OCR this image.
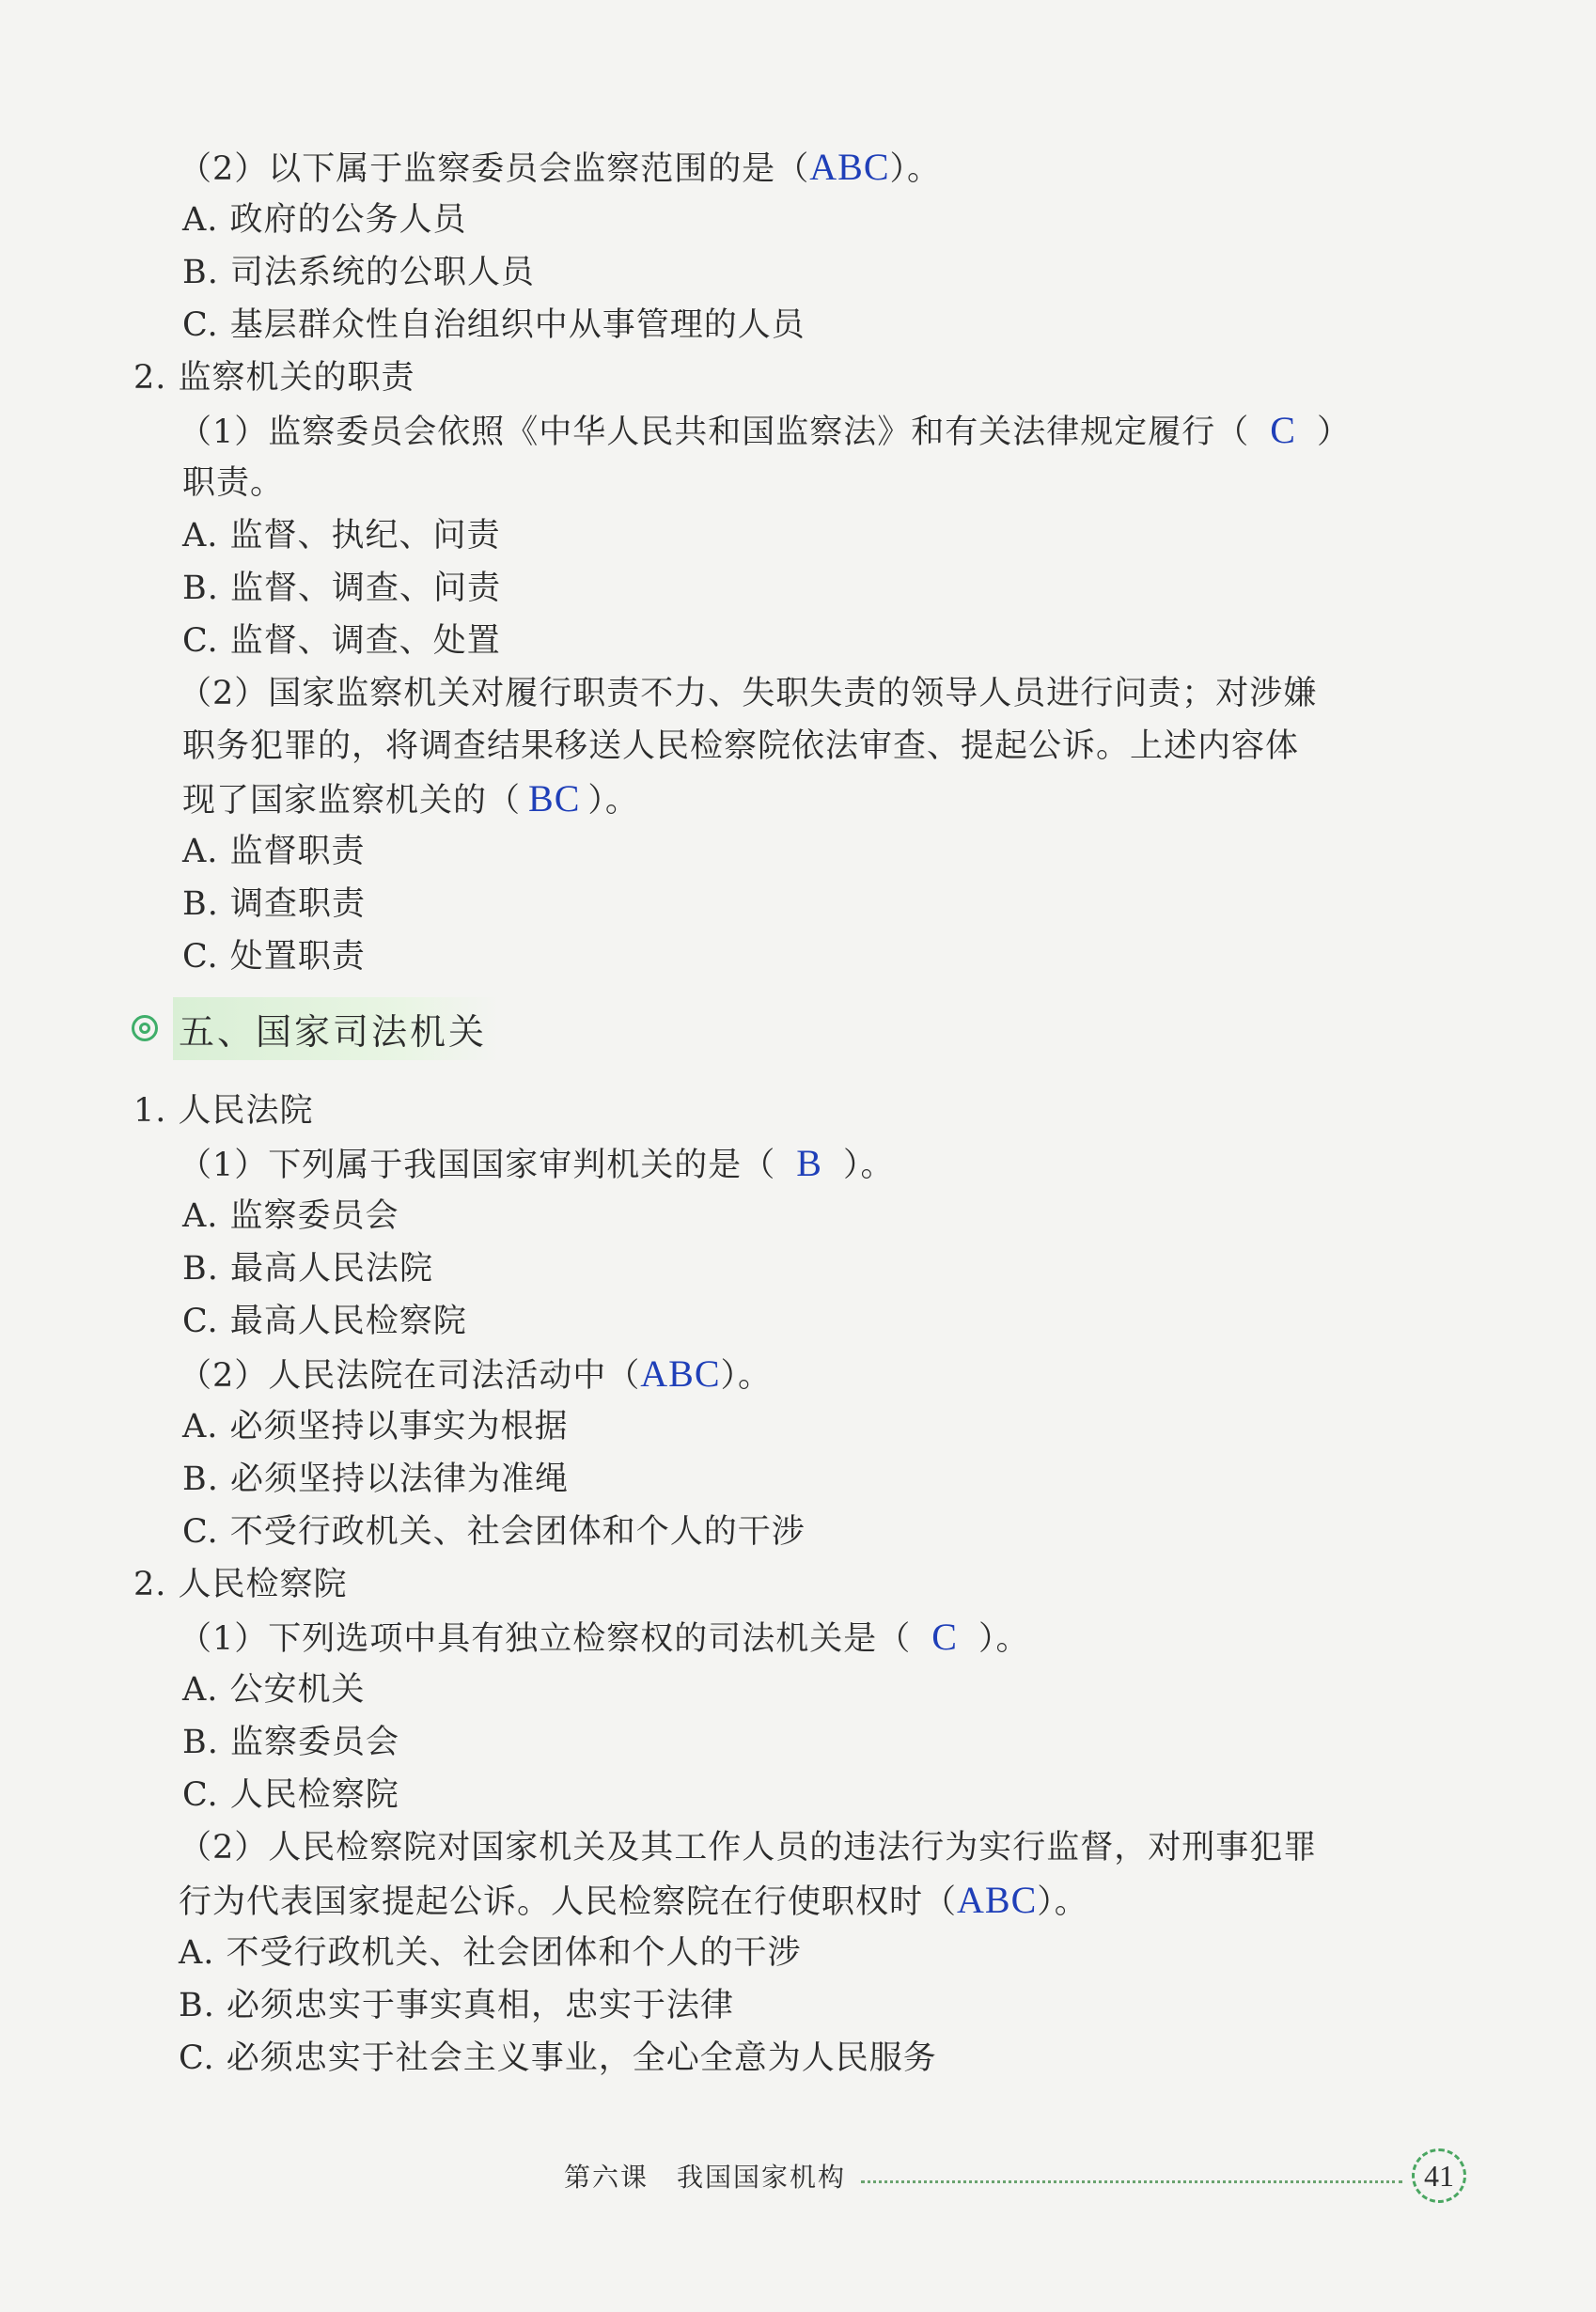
（2）以下属于监察委员会监察范围的是（ABC）。
A. 政府的公务人员
B. 司法系统的公职人员
C. 基层群众性自治组织中从事管理的人员
2. 监察机关的职责
（1）监察委员会依照《中华人民共和国监察法》和有关法律规定履行（ C ）
职责。
A. 监督、执纪、问责
B. 监督、调查、问责
C. 监督、调查、处置
（2）国家监察机关对履行职责不力、失职失责的领导人员进行问责；对涉嫌
职务犯罪的，将调查结果移送人民检察院依法审查、提起公诉。上述内容体
现了国家监察机关的（ BC ）。
A. 监督职责
B. 调查职责
C. 处置职责
五、国家司法机关
1. 人民法院
（1）下列属于我国国家审判机关的是（ B ）。
A. 监察委员会
B. 最高人民法院
C. 最高人民检察院
（2）人民法院在司法活动中（ABC）。
A. 必须坚持以事实为根据
B. 必须坚持以法律为准绳
C. 不受行政机关、社会团体和个人的干涉
2. 人民检察院
（1）下列选项中具有独立检察权的司法机关是（ C ）。
A. 公安机关
B. 监察委员会
C. 人民检察院
（2）人民检察院对国家机关及其工作人员的违法行为实行监督，对刑事犯罪
行为代表国家提起公诉。人民检察院在行使职权时（ABC）。
A. 不受行政机关、社会团体和个人的干涉
B. 必须忠实于事实真相，忠实于法律
C. 必须忠实于社会主义事业，全心全意为人民服务
第六课　我国国家机构	41
